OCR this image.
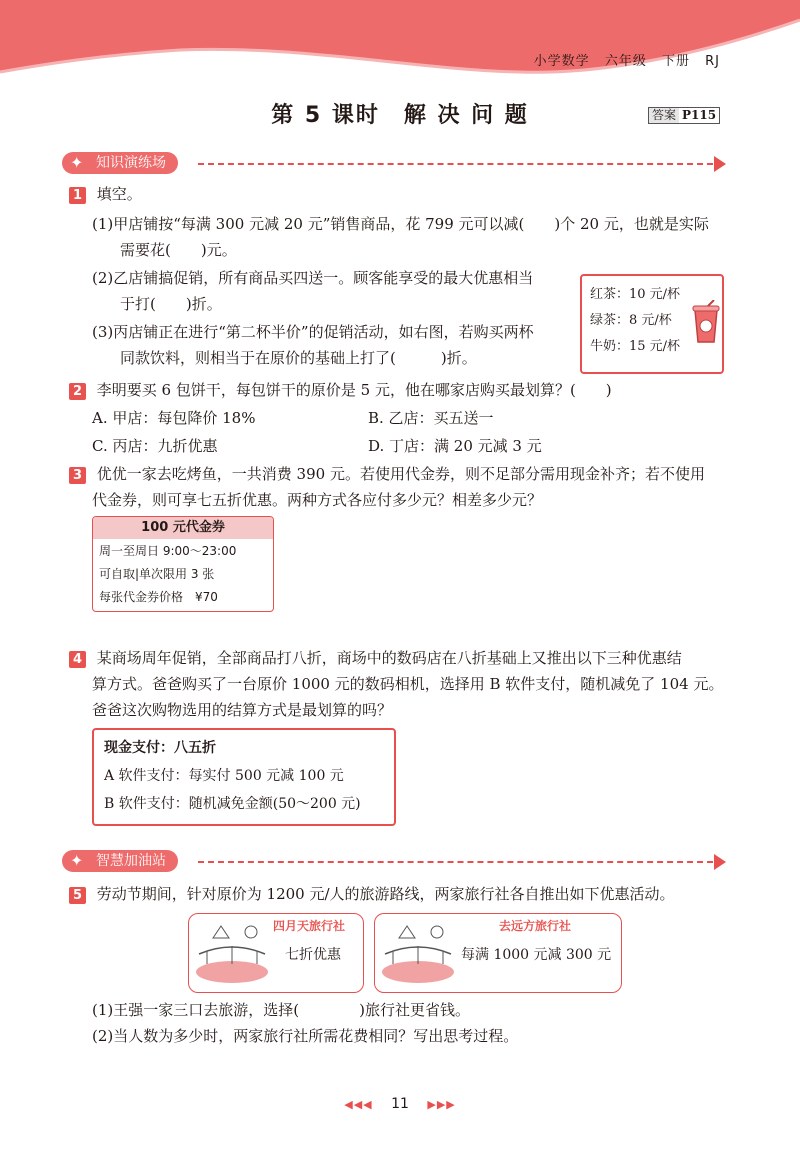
小学数学 六年级 下册 RJ
第 5 课时　解 决 问 题	答案 P115
✦ 知识演练场
1 填空。
(1)甲店铺按“每满 300 元减 20 元”销售商品，花 799 元可以减(　　)个 20 元，也就是实际
需要花(　　)元。
(2)乙店铺搞促销，所有商品买四送一。顾客能享受的最大优惠相当
于打(　　)折。
(3)丙店铺正在进行“第二杯半价”的促销活动，如右图，若购买两杯
同款饮料，则相当于在原价的基础上打了(　　　)折。
红茶：10 元/杯
绿茶：8 元/杯
牛奶：15 元/杯
2 李明要买 6 包饼干，每包饼干的原价是 5 元，他在哪家店购买最划算？(　　)
A. 甲店：每包降价 18%	B. 乙店：买五送一
C. 丙店：九折优惠	D. 丁店：满 20 元减 3 元
3 优优一家去吃烤鱼，一共消费 390 元。若使用代金券，则不足部分需用现金补齐；若不使用
代金券，则可享七五折优惠。两种方式各应付多少元？相差多少元？
100 元代金券
周一至周日 9:00～23:00
可自取|单次限用 3 张
每张代金券价格　¥70
4 某商场周年促销，全部商品打八折，商场中的数码店在八折基础上又推出以下三种优惠结
算方式。爸爸购买了一台原价 1000 元的数码相机，选择用 B 软件支付，随机减免了 104 元。
爸爸这次购物选用的结算方式是最划算的吗？
现金支付：八五折
A 软件支付：每实付 500 元减 100 元
B 软件支付：随机减免金额(50～200 元)
✦ 智慧加油站
5 劳动节期间，针对原价为 1200 元/人的旅游路线，两家旅行社各自推出如下优惠活动。
四月天旅行社
七折优惠
去远方旅行社
每满 1000 元减 300 元
(1)王强一家三口去旅游，选择(　　　　)旅行社更省钱。
(2)当人数为多少时，两家旅行社所需花费相同？写出思考过程。
◀◀◀ 11 ▶▶▶
